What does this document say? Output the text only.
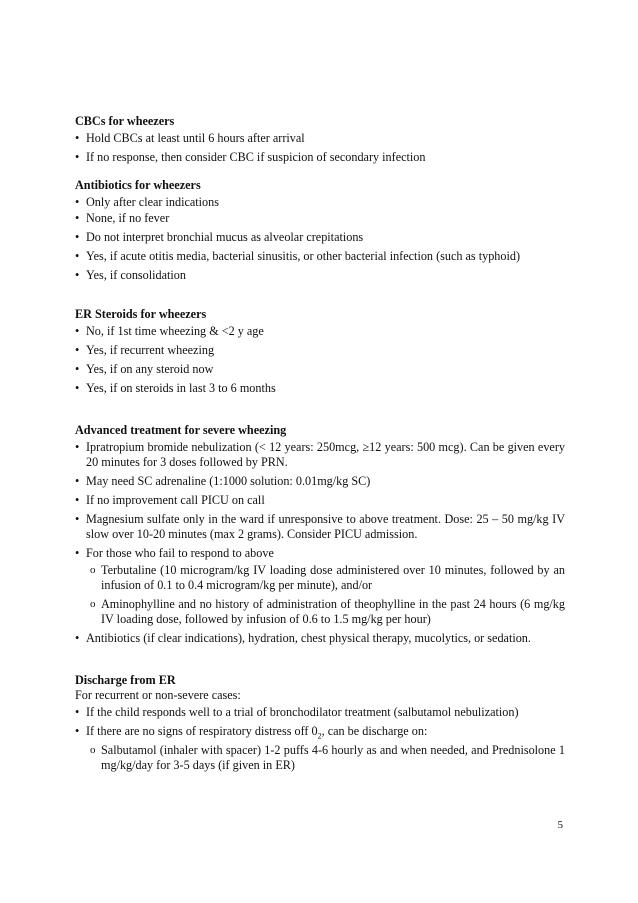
CBCs for wheezers

• Hold CBCs at least until 6 hours after arrival
• If no response, then consider CBC if suspicion of secondary infection

Antibiotics for wheezers

• Only after clear indications
• None, if no fever
• Do not interpret bronchial mucus as alveolar crepitations
• Yes, if acute otitis media, bacterial sinusitis, or other bacterial infection (such as typhoid)
• Yes, if consolidation

ER Steroids for wheezers

• No, if 1st time wheezing & <2 y age
• Yes, if recurrent wheezing
• Yes, if on any steroid now
• Yes, if on steroids in last 3 to 6 months

Advanced treatment for severe wheezing

• Ipratropium bromide nebulization (< 12 years: 250mcg, ≥12 years: 500 mcg). Can be given every 20 minutes for 3 doses followed by PRN.
• May need SC adrenaline (1:1000 solution: 0.01mg/kg SC)
• If no improvement call PICU on call
• Magnesium sulfate only in the ward if unresponsive to above treatment. Dose: 25 – 50 mg/kg IV slow over 10-20 minutes (max 2 grams). Consider PICU admission.
• For those who fail to respond to above
o Terbutaline (10 microgram/kg IV loading dose administered over 10 minutes, followed by an infusion of 0.1 to 0.4 microgram/kg per minute), and/or
o Aminophylline and no history of administration of theophylline in the past 24 hours (6 mg/kg IV loading dose, followed by infusion of 0.6 to 1.5 mg/kg per hour)
• Antibiotics (if clear indications), hydration, chest physical therapy, mucolytics, or sedation.

Discharge from ER

For recurrent or non-severe cases:

• If the child responds well to a trial of bronchodilator treatment (salbutamol nebulization)
• If there are no signs of respiratory distress off $0_2$, can be discharge on:
o Salbutamol (inhaler with spacer) 1-2 puffs 4-6 hourly as and when needed, and Prednisolone 1 mg/kg/day for 3-5 days (if given in ER)
5
